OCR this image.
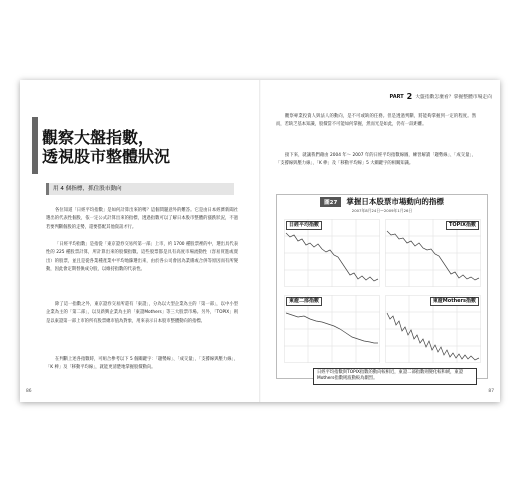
觀察大盤指數，
透視股市整體狀況
用 4 個指標，抓住股市動向

各位知道「日經平均指數」是如何計算出來的嗎？這個問題意外的難答。它是由日本經濟新聞社選出的代表性個股，依一定公式計算出來的指標，透過指數可以了解日本股市整體的漲跌狀況，不過若要判斷個股的走勢，還要搭配其他資訊才行。

「日經平均指數」是指從「東京證券交易所第一部」上市，約 1700 種股票裡的中，選出具代表性的 225 種股票計算，所計算出來的股價指數。這些股票都是具有高度市場流動性（容易買進或賣出）的股票，並且是從各業種產業中平均地篩選出來，由於各公司會因為業績或合併等原因而有所變動，因此會定期替換成分股，以維持指數的代表性。

除了這一指數之外，東京證券交易所還有「東證」，分為以大型企業為主的「第一部」，以中小型企業為主的「第二部」，以及新興企業為主的「東證Mothers」等三大股票市場。另外，「TOPIX」則是以東證第一部上市的所有股票總市值為對象，用來表示日本股市整體動向的指標。

在判斷上述各指數時，可組合參考以下 5 個關鍵字：「趨勢線」、「成交量」、「支撐線與壓力線」、「K 棒」及「移動平均線」，就能更清楚地掌握股價動向。

86
PART 2 大盤指數怎麼看？掌握整體市場走向

觀察專業投資人與法人的動向，是不可或缺的任務。但是透過判斷，將能夠掌握到一定的程度。然而，若缺乏基本知識，股價當不可能如何掌握，然而光是如此，仍有一段距離。

接下來，就讓我們藉由 2004 年～ 2007 年的日經平均指數線圖，練習解讀「趨勢線」、「成交量」、「支撐線與壓力線」、「K 棒」及「移動平均線」5 大關鍵字的相關知識。

圖27	掌握日本股票市場動向的指標
2007年8月24日～2009年1月26日
日經平均指數	TOPIX指數
東證二部指數	東證Mothers指數
日經平均指數與TOPIX指數的動向較相近，東證二部指數則變化較和緩，東證Mothers指數則波動較為劇烈。
87
